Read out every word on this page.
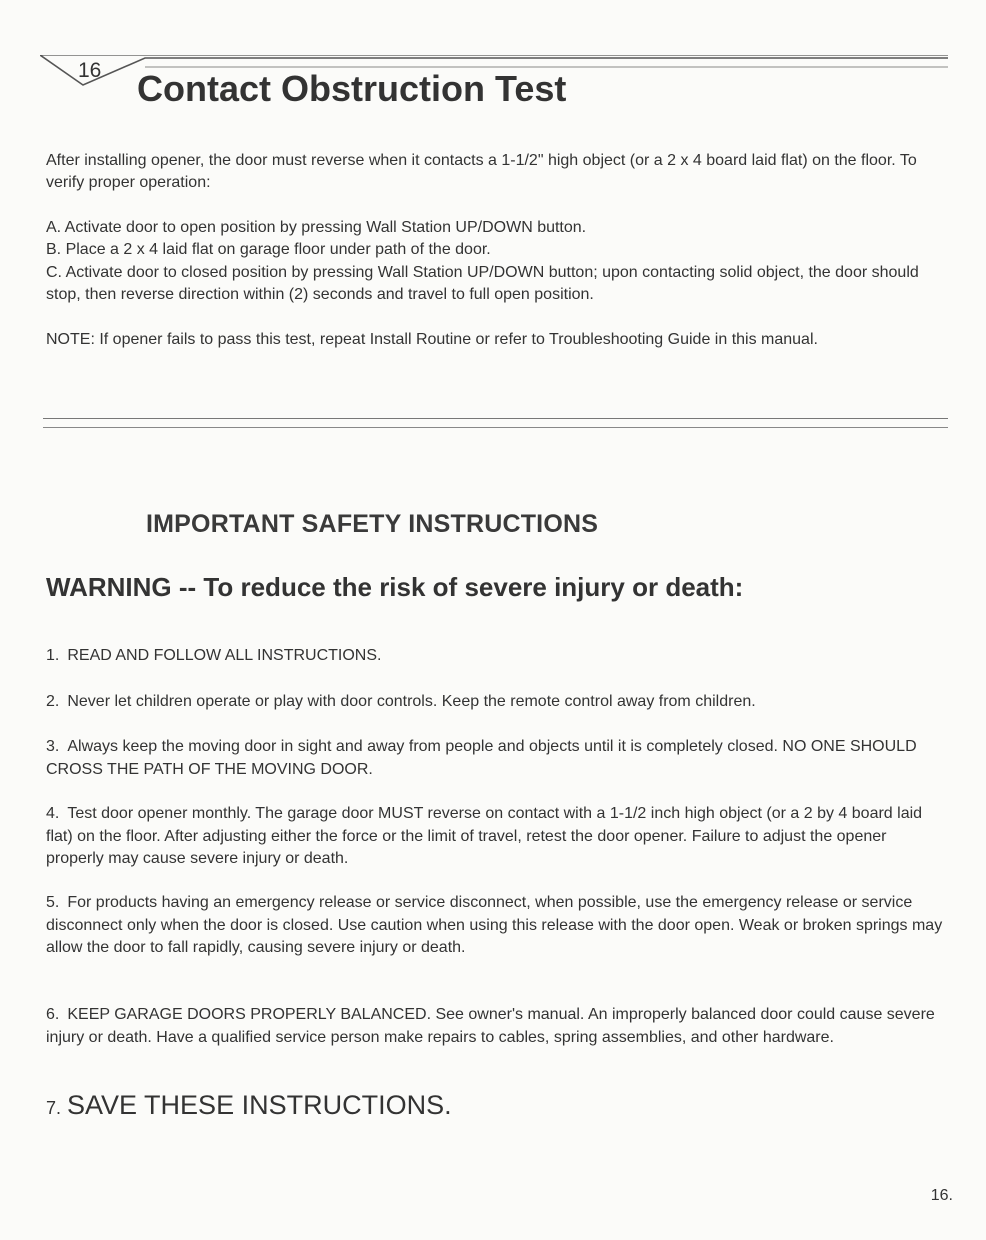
16 Contact Obstruction Test

After installing opener, the door must reverse when it contacts a 1-1/2" high object (or a 2 x 4 board laid flat) on the floor. To verify proper operation:

A. Activate door to open position by pressing Wall Station UP/DOWN button.

B. Place a 2 x 4 laid flat on garage floor under path of the door.

C. Activate door to closed position by pressing Wall Station UP/DOWN button; upon contacting solid object, the door should stop, then reverse direction within (2) seconds and travel to full open position.

NOTE: If opener fails to pass this test, repeat Install Routine or refer to Troubleshooting Guide in this manual.

IMPORTANT SAFETY INSTRUCTIONS
WARNING -- To reduce the risk of severe injury or death:

1. READ AND FOLLOW ALL INSTRUCTIONS.

2. Never let children operate or play with door controls. Keep the remote control away from children.

3. Always keep the moving door in sight and away from people and objects until it is completely closed. NO ONE SHOULD CROSS THE PATH OF THE MOVING DOOR.

4. Test door opener monthly. The garage door MUST reverse on contact with a 1-1/2 inch high object (or a 2 by 4 board laid flat) on the floor. After adjusting either the force or the limit of travel, retest the door opener. Failure to adjust the opener properly may cause severe injury or death.

5. For products having an emergency release or service disconnect, when possible, use the emergency release or service disconnect only when the door is closed. Use caution when using this release with the door open. Weak or broken springs may allow the door to fall rapidly, causing severe injury or death.

6. KEEP GARAGE DOORS PROPERLY BALANCED. See owner's manual. An improperly balanced door could cause severe injury or death. Have a qualified service person make repairs to cables, spring assemblies, and other hardware.

7. SAVE THESE INSTRUCTIONS.

16.
